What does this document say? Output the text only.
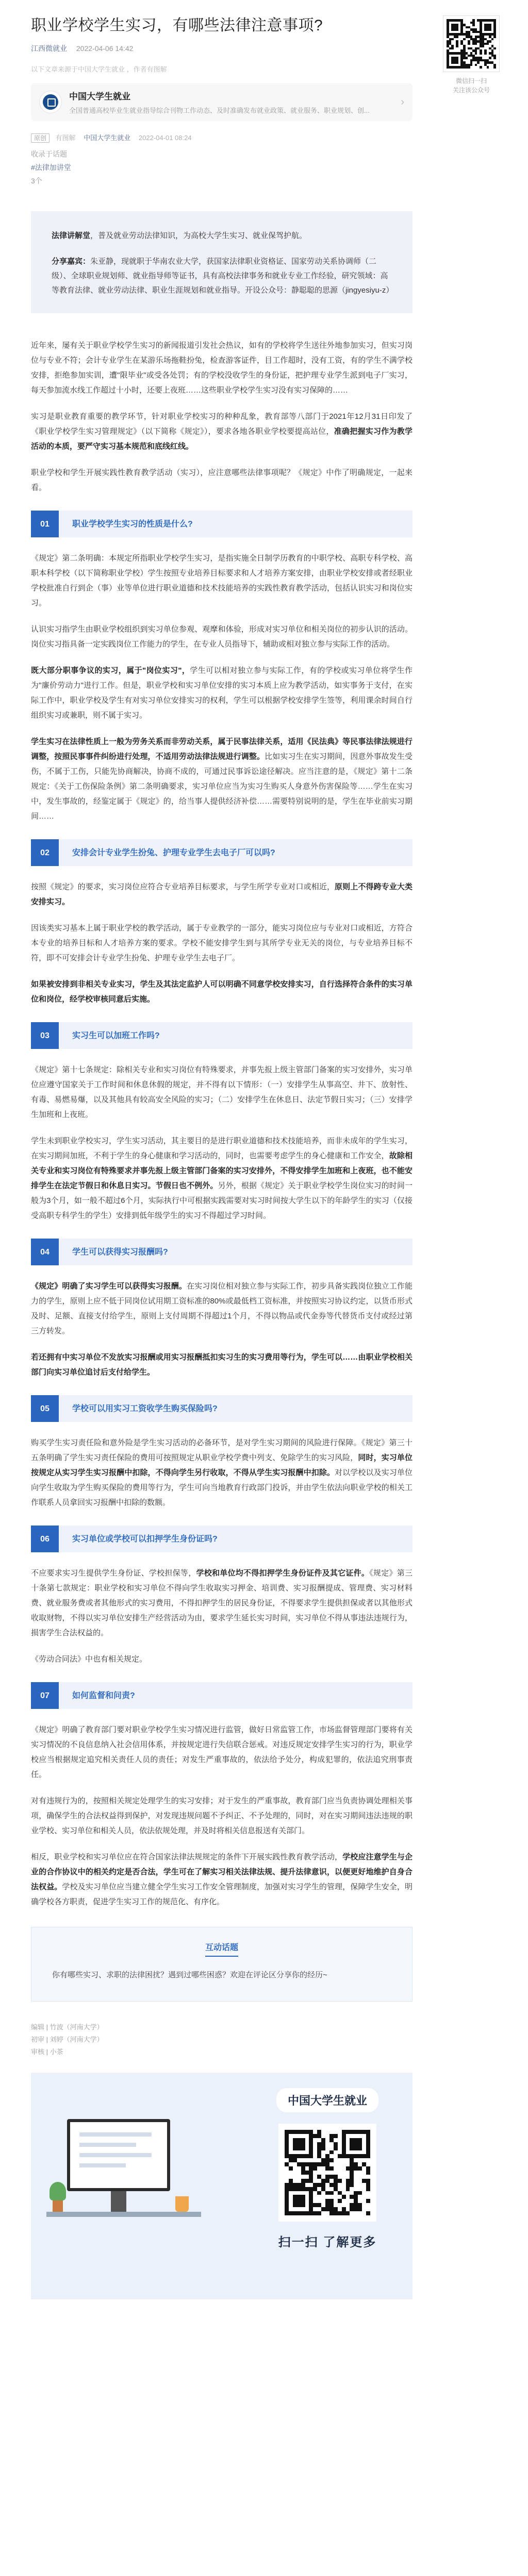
职业学校学生实习，有哪些法律注意事项?
江西微就业 2022-04-06 14:42
以下文章来源于中国大学生就业 ，作者有图解
中国大学生就业
全国普通高校毕业生就业指导综合刊物工作动态、及时准确发布就业政策、就业服务、职业规划、创...
›
原创 有图解 中国大学生就业 2022-04-01 08:24
收录于话题
#法律加讲堂
3个

法律讲解堂，普及就业劳动法律知识，为高校大学生实习、就业保驾护航。

分享嘉宾：朱亚静，现就职于华南农业大学，获国家法律职业资格证、国家劳动关系协调师（二级）、全球职业规划师、就业指导师等证书，具有高校法律事务和就业专业工作经验，研究领域：高等教育法律、就业劳动法律、职业生涯规划和就业指导。开设公众号：静聪聪的思源（jingyesiyu-z）

近年来，屡有关于职业学校学生实习的新闻报道引发社会热议，如有的学校将学生送往外地参加实习，但实习岗位与专业不符；会计专业学生在某游乐场拖鞋扮兔，检查游客证件，目工作超时，没有工资，有的学生不满学校安排，拒绝参加实训，遭"限毕业"或受各处罚；有的学校没收学生的身份证，把护理专业学生派到电子厂实习，每天参加流水线工作超过十小时，还要上夜班……这些职业学校学生实习没有实习保障的……

实习是职业教育重要的教学环节，针对职业学校实习的种种乱象，教育部等八部门于2021年12月31日印发了《职业学校学生实习管理规定》（以下简称《规定》），要求各地各职业学校要提高站位，准确把握实习作为教学活动的本质，要严守实习基本规范和底线红线。

职业学校和学生开展实践性教育教学活动（实习），应注意哪些法律事项呢？《规定》中作了明确规定，一起来看。

01	职业学校学生实习的性质是什么?

《规定》第二条明确：本规定所指职业学校学生实习，是指实施全日制学历教育的中职学校、高职专科学校、高职本科学校（以下简称职业学校）学生按照专业培养目标要求和人才培养方案安排，由职业学校安排或者经职业学校批准自行到企（事）业等单位进行职业道德和技术技能培养的实践性教育教学活动，包括认识实习和岗位实习。

认识实习指学生由职业学校组织到实习单位参观、观摩和体验，形成对实习单位和相关岗位的初步认识的活动。岗位实习指具备一定实践岗位工作能力的学生，在专业人员指导下，辅助或相对独立参与实际工作的活动。

既大部分职事争议的实习，属于"岗位实习"，学生可以相对独立参与实际工作，有的学校或实习单位将学生作为"廉价劳动力"进行工作。但是，职业学校和实习单位安排的实习本质上应为教学活动，如实事务于支付，在实际工作中，职业学校及学生有对实习单位安排实习的权利，学生可以根据学校安排学生签等，利用课余时间自行组织实习或兼职，则不属于实习。

学生实习在法律性质上一般为劳务关系而非劳动关系，属于民事法律关系，适用《民法典》等民事法律法规进行调整，按照民事事件纠纷进行处理，不适用劳动法律法规进行调整。比如实习生在实习期间，因意外事故发生受伤，不属于工伤，只能先协商解决，协商不成的，可通过民事诉讼途径解决。应当注意的是，《规定》第十二条规定：《关于工伤保险条例》第二条明确要求，实习单位应当为实习生购买人身意外伤害保险等……学生在实习中，发生事故的，经鉴定属于《规定》的，给当事人提供经济补偿……需要特别说明的是，学生在毕业前实习期间……

02	安排会计专业学生扮兔、护理专业学生去电子厂可以吗?

按照《规定》的要求，实习岗位应符合专业培养目标要求，与学生所学专业对口或相近，原则上不得跨专业大类安排实习。

因该类实习基本上属于职业学校的教学活动，属于专业教学的一部分，能实习岗位应与专业对口或相近，方符合本专业的培养目标和人才培养方案的要求。学校不能安排学生到与其所学专业无关的岗位，与专业培养目标不符，即不可安排会计专业学生扮兔、护理专业学生去电子厂。

如果被安排到非相关专业实习，学生及其法定监护人可以明确不同意学校安排实习，自行选择符合条件的实习单位和岗位，经学校审核同意后实施。

03	实习生可以加班工作吗?

《规定》第十七条规定：除相关专业和实习岗位有特殊要求，并事先报上级主管部门备案的实习安排外，实习单位应遵守国家关于工作时间和休息休假的规定，并不得有以下情形：（一）安排学生从事高空、井下、放射性、有毒、易燃易爆，以及其他具有较高安全风险的实习；（二）安排学生在休息日、法定节假日实习；（三）安排学生加班和上夜班。

学生未到职业学校实习，学生实习活动，其主要目的是进行职业道德和技术技能培养，而非未成年的学生实习，在实习期间加班，不利于学生的身心健康和学习活动的，同时，也需要考虑学生的身心健康和工作安全，故除相关专业和实习岗位有特殊要求并事先报上级主管部门备案的实习安排外，不得安排学生加班和上夜班，也不能安排学生在法定节假日和休息日实习。节假日也不例外。另外，根据《规定》关于职业学校学生岗位实习的时间一般为3个月，如一般不超过6个月，实际执行中可根据实践需要对实习时间按大学生以下的年龄学生的实习（仅接受高职专科学生的学生）安排到低年级学生的实习不得超过学习时间。

04	学生可以获得实习报酬吗?

《规定》明确了实习学生可以获得实习报酬。在实习岗位相对独立参与实际工作，初步具备实践岗位独立工作能力的学生，原则上应不低于同岗位试用期工资标准的80%或最低档工资标准，并按照实习协议约定，以货币形式及时、足额、直接支付给学生，原则上支付周期不得超过1个月，不得以物品或代金券等代替货币支付或经过第三方转发。

若还拥有中实习单位不发放实习报酬或用实习报酬抵扣实习生的实习费用等行为，学生可以……由职业学校相关部门向实习单位追讨后支付给学生。

05	学校可以用实习工资收学生购买保险吗?

购买学生实习责任险和意外险是学生实习活动的必备环节，是对学生实习期间的风险进行保障。《规定》第三十五条明确了学生实习责任保险的费用可按照规定从职业学校学费中列支、免除学生的实习风险，同时，实习单位按规定从实习学生实习报酬中扣除，不得向学生另行收取，不得从学生实习报酬中扣除。对以学校以及实习单位向学生收取为学生购买保险的费用等行为，学生可向当地教育行政部门投诉，并由学生依法向职业学校的相关工作联系人员拿回实习报酬中扣除的数额。

06	实习单位或学校可以扣押学生身份证吗?

不应要求实习生提供学生身份证、学校担保等，学校和单位均不得扣押学生身份证件及其它证件。《规定》第三十条第七款规定：职业学校和实习单位不得向学生收取实习押金、培训费、实习报酬提成、管理费、实习材料费、就业服务费或者其他形式的实习费用，不得扣押学生的居民身份证，不得要求学生提供担保或者以其他形式收取财物，不得以实习单位安排生产经营活动为由，要求学生延长实习时间，实习单位不得从事违法违规行为，损害学生合法权益的。

《劳动合同法》中也有相关规定。

07	如何监督和问责?

《规定》明确了教育部门要对职业学校学生实习情况进行监管，做好日常监管工作，市场监督管理部门要将有关实习情况的不良信息纳入社会信用体系，并按规定进行失信联合惩戒。对违反规定安排学生实习的行为，职业学校应当根据规定追究相关责任人员的责任；对发生严重事故的，依法给予处分，构成犯罪的，依法追究刑事责任。

对有违规行为的，按照相关规定处理学生的实习安排；对于发生的严重事故，教育部门应当负责协调处理相关事项，确保学生的合法权益得到保护，对发现违规问题不予纠正、不予处理的，同时，对在实习期间违法违规的职业学校、实习单位和相关人员，依法依规处理，并及时将相关信息报送有关部门。

相反，职业学校和实习单位应在符合国家法律法规规定的条件下开展实践性教育教学活动，学校应注意学生与企业的合作协议中的相关约定是否合法，学生可在了解实习相关法律法规、提升法律意识，以便更好地维护自身合法权益。学校及实习单位应当建立健全学生实习工作安全管理制度，加强对实习学生的管理，保障学生安全，明确学校各方职责，促进学生实习工作的规范化、有序化。

互动话题
你有哪些实习、求职的法律困扰？遇到过哪些困惑？欢迎在评论区分享你的经历~
编辑 | 竹波（河南大学）
初审 | 刘婷（河南大学）
审核 | 小茶
中国大学生就业
扫一扫 了解更多
微信扫一扫
关注该公众号
